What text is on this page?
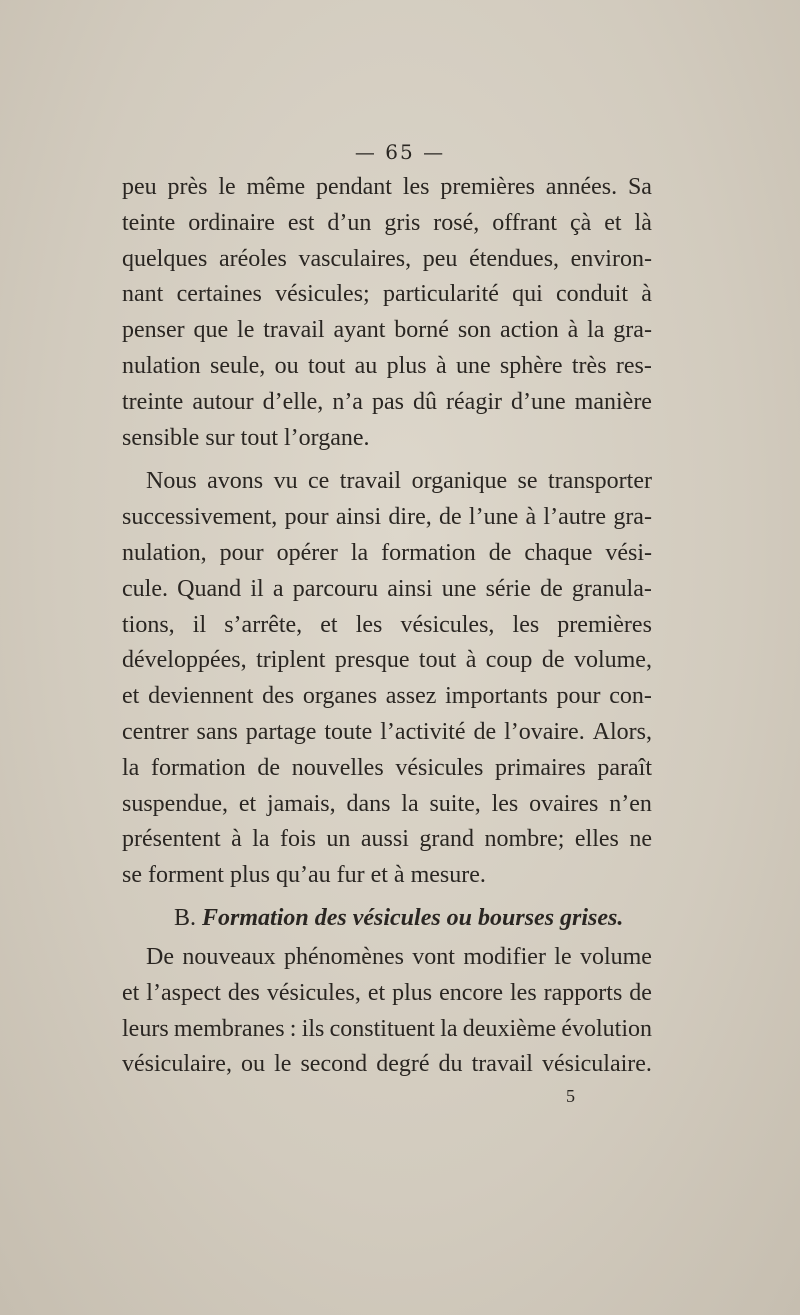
— 65 —
peu près le même pendant les premières années. Sa
teinte ordinaire est d’un gris rosé, offrant çà et là
quelques aréoles vasculaires, peu étendues, environ-
nant certaines vésicules; particularité qui conduit à
penser que le travail ayant borné son action à la gra-
nulation seule, ou tout au plus à une sphère très res-
treinte autour d’elle, n’a pas dû réagir d’une manière
sensible sur tout l’organe.
Nous avons vu ce travail organique se transporter
successivement, pour ainsi dire, de l’une à l’autre gra-
nulation, pour opérer la formation de chaque vési-
cule. Quand il a parcouru ainsi une série de granula-
tions, il s’arrête, et les vésicules, les premières
développées, triplent presque tout à coup de volume,
et deviennent des organes assez importants pour con-
centrer sans partage toute l’activité de l’ovaire. Alors,
la formation de nouvelles vésicules primaires paraît
suspendue, et jamais, dans la suite, les ovaires n’en
présentent à la fois un aussi grand nombre; elles ne
se forment plus qu’au fur et à mesure.
B. Formation des vésicules ou bourses grises.
De nouveaux phénomènes vont modifier le volume
et l’aspect des vésicules, et plus encore les rapports de
leurs membranes : ils constituent la deuxième évolution
vésiculaire, ou le second degré du travail vésiculaire.
5
